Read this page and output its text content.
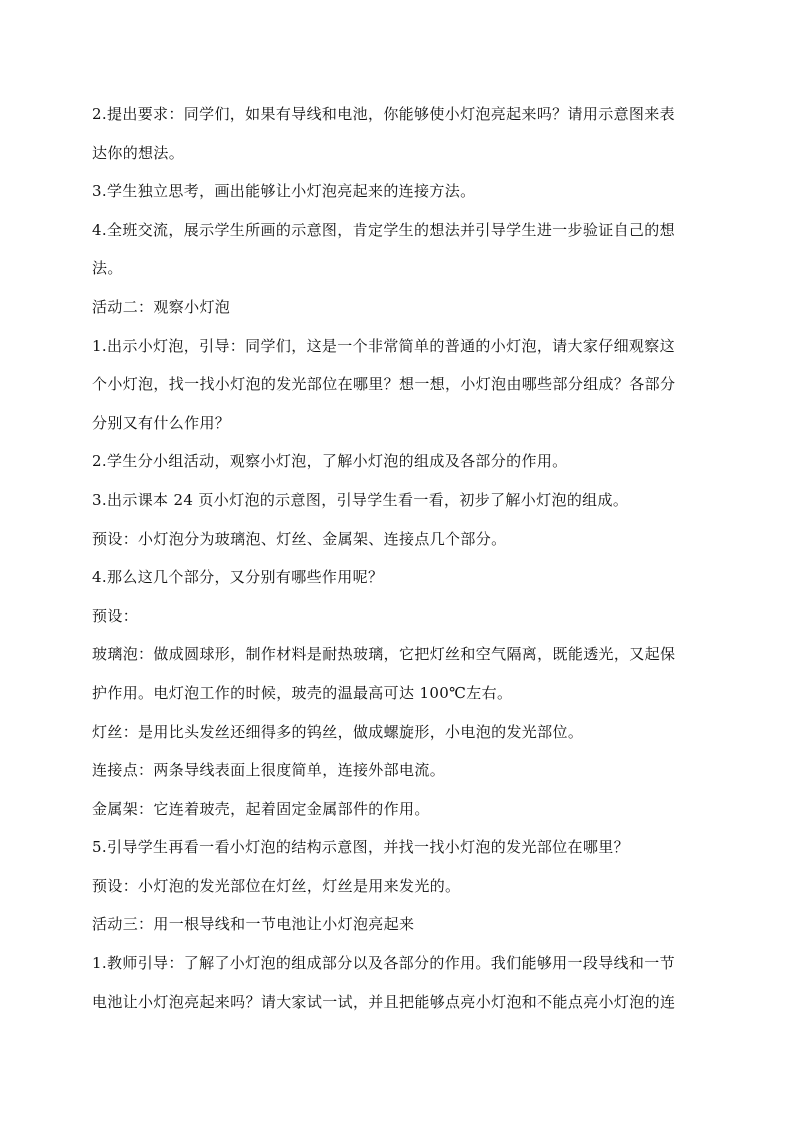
2.提出要求：同学们，如果有导线和电池，你能够使小灯泡亮起来吗？请用示意图来表
达你的想法。
3.学生独立思考，画出能够让小灯泡亮起来的连接方法。
4.全班交流，展示学生所画的示意图，肯定学生的想法并引导学生进一步验证自己的想
法。
活动二：观察小灯泡
1.出示小灯泡，引导：同学们，这是一个非常简单的普通的小灯泡，请大家仔细观察这
个小灯泡，找一找小灯泡的发光部位在哪里？想一想，小灯泡由哪些部分组成？各部分
分别又有什么作用？
2.学生分小组活动，观察小灯泡，了解小灯泡的组成及各部分的作用。
3.出示课本 24 页小灯泡的示意图，引导学生看一看，初步了解小灯泡的组成。
预设：小灯泡分为玻璃泡、灯丝、金属架、连接点几个部分。
4.那么这几个部分，又分别有哪些作用呢？
预设：
玻璃泡：做成圆球形，制作材料是耐热玻璃，它把灯丝和空气隔离，既能透光，又起保
护作用。电灯泡工作的时候，玻壳的温最高可达 100℃左右。
灯丝：是用比头发丝还细得多的钨丝，做成螺旋形，小电泡的发光部位。
连接点：两条导线表面上很度简单，连接外部电流。
金属架：它连着玻壳，起着固定金属部件的作用。
5.引导学生再看一看小灯泡的结构示意图，并找一找小灯泡的发光部位在哪里？
预设：小灯泡的发光部位在灯丝，灯丝是用来发光的。
活动三：用一根导线和一节电池让小灯泡亮起来
1.教师引导：了解了小灯泡的组成部分以及各部分的作用。我们能够用一段导线和一节
电池让小灯泡亮起来吗？请大家试一试，并且把能够点亮小灯泡和不能点亮小灯泡的连
